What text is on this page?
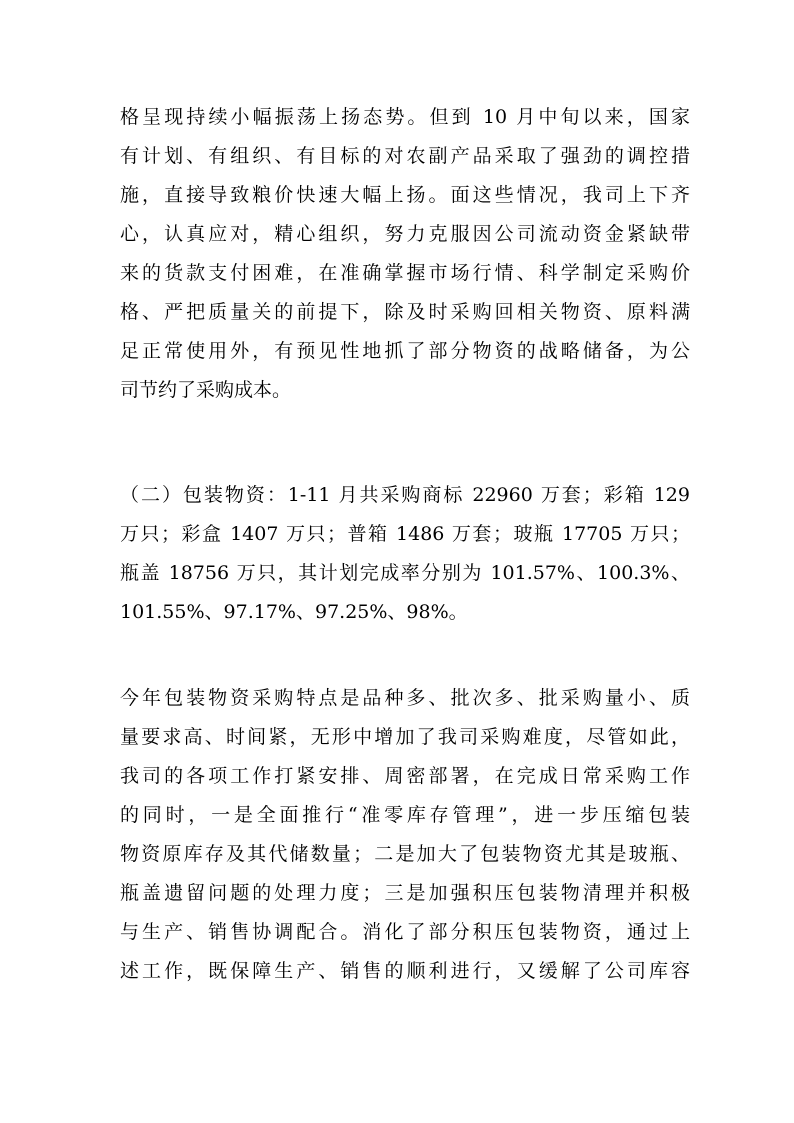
格呈现持续小幅振荡上扬态势。但到 10 月中旬以来，国家
有计划、有组织、有目标的对农副产品采取了强劲的调控措
施，直接导致粮价快速大幅上扬。面这些情况，我司上下齐
心，认真应对，精心组织，努力克服因公司流动资金紧缺带
来的货款支付困难，在准确掌握市场行情、科学制定采购价
格、严把质量关的前提下，除及时采购回相关物资、原料满
足正常使用外，有预见性地抓了部分物资的战略储备，为公
司节约了采购成本。
（二）包装物资：1-11 月共采购商标 22960 万套；彩箱 129
万只；彩盒 1407 万只；普箱 1486 万套；玻瓶 17705 万只；
瓶盖 18756 万只，其计划完成率分别为 101.57%、100.3%、
101.55%、97.17%、97.25%、98%。
今年包装物资采购特点是品种多、批次多、批采购量小、质
量要求高、时间紧，无形中增加了我司采购难度，尽管如此，
我司的各项工作打紧安排、周密部署，在完成日常采购工作
的同时，一是全面推行“准零库存管理”，进一步压缩包装
物资原库存及其代储数量；二是加大了包装物资尤其是玻瓶、
瓶盖遗留问题的处理力度；三是加强积压包装物清理并积极
与生产、销售协调配合。消化了部分积压包装物资，通过上
述工作，既保障生产、销售的顺利进行，又缓解了公司库容
